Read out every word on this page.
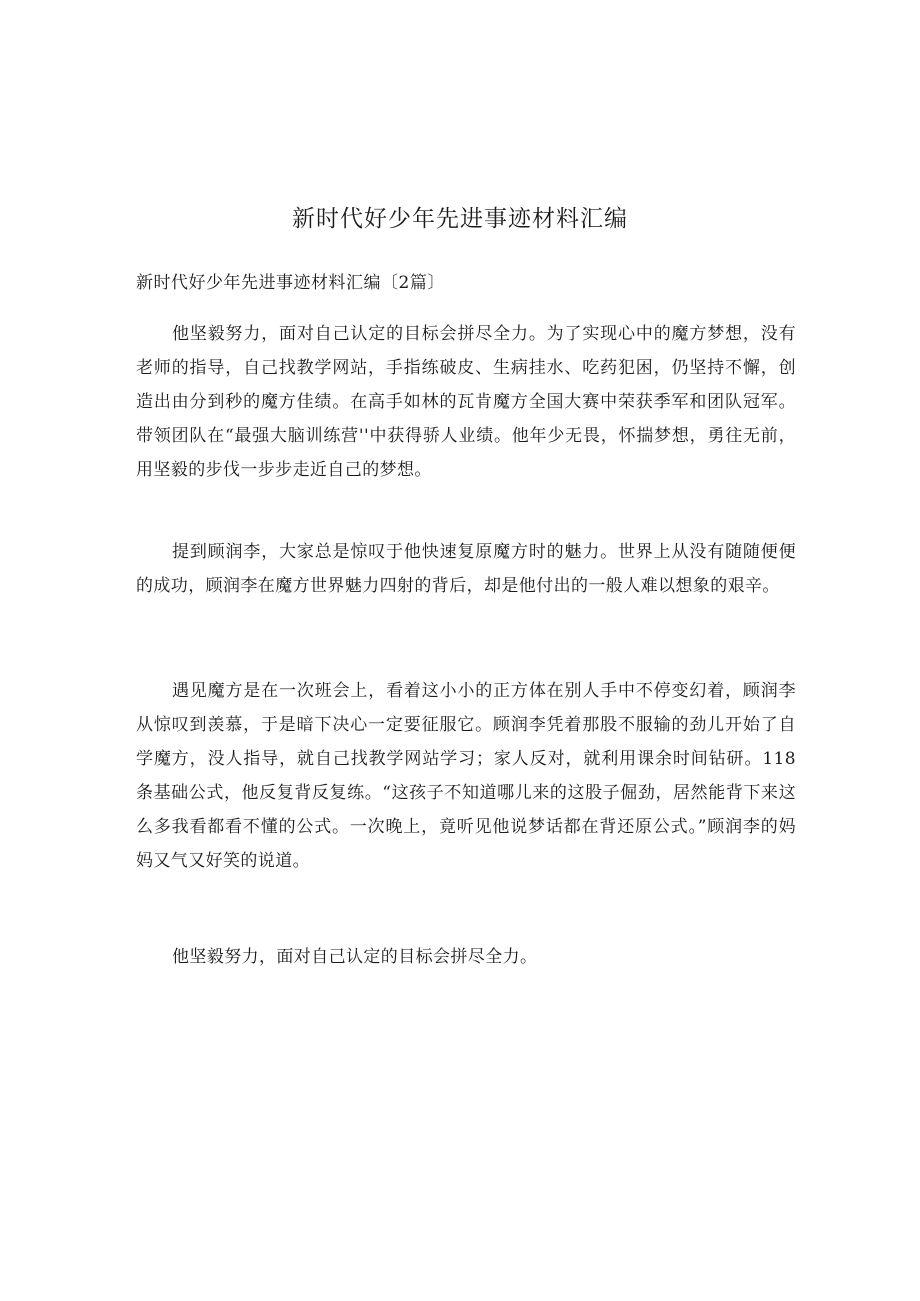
新时代好少年先进事迹材料汇编

新时代好少年先进事迹材料汇编〔2篇〕

他坚毅努力，面对自己认定的目标会拼尽全力。为了实现心中的魔方梦想，没有老师的指导，自己找教学网站，手指练破皮、生病挂水、吃药犯困，仍坚持不懈，创造出由分到秒的魔方佳绩。在高手如林的瓦肯魔方全国大赛中荣获季军和团队冠军。带领团队在“最强大脑训练营''中获得骄人业绩。他年少无畏，怀揣梦想，勇往无前，用坚毅的步伐一步步走近自己的梦想。

提到顾润李，大家总是惊叹于他快速复原魔方时的魅力。世界上从没有随随便便的成功，顾润李在魔方世界魅力四射的背后，却是他付出的一般人难以想象的艰辛。

遇见魔方是在一次班会上，看着这小小的正方体在别人手中不停变幻着，顾润李从惊叹到羡慕，于是暗下决心一定要征服它。顾润李凭着那股不服输的劲儿开始了自学魔方，没人指导，就自己找教学网站学习；家人反对，就利用课余时间钻研。118条基础公式，他反复背反复练。“这孩子不知道哪儿来的这股子倔劲，居然能背下来这么多我看都看不懂的公式。一次晚上，竟听见他说梦话都在背还原公式。”顾润李的妈妈又气又好笑的说道。

他坚毅努力，面对自己认定的目标会拼尽全力。
